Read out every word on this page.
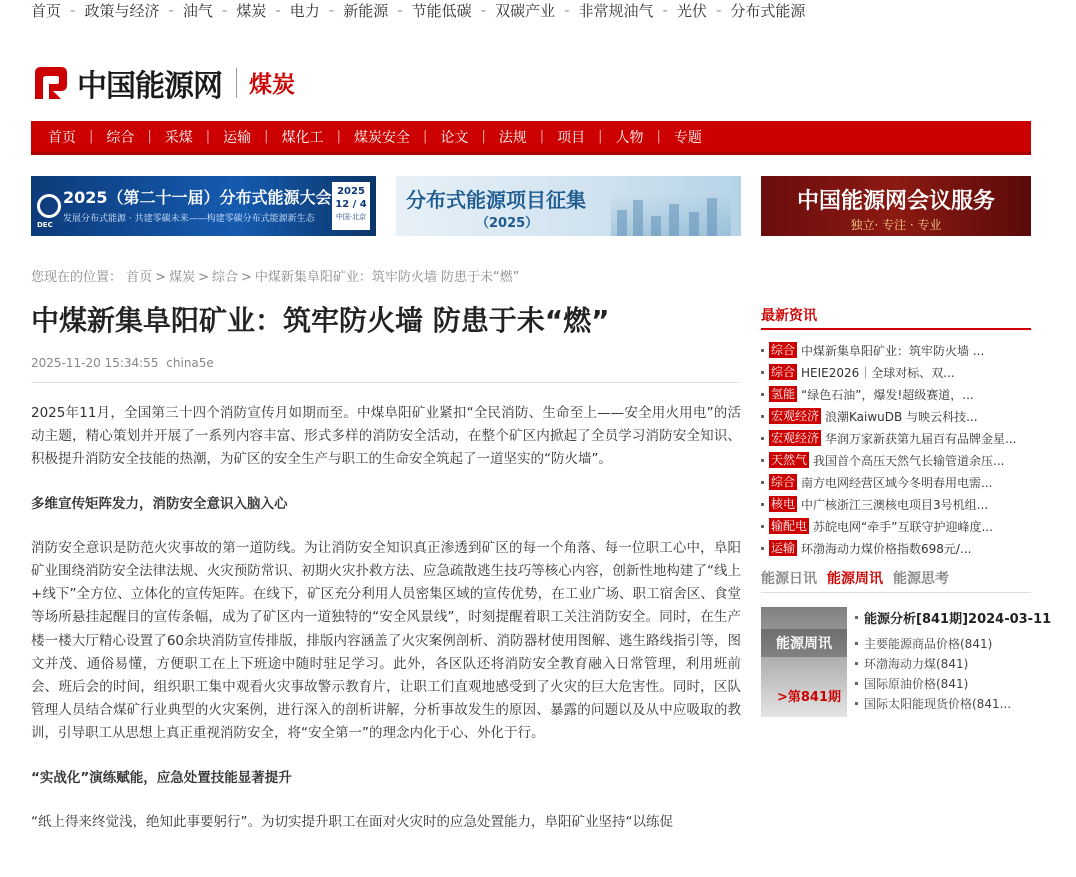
首页 - 政策与经济 - 油气 - 煤炭 - 电力 - 新能源 - 节能低碳 - 双碳产业 - 非常规油气 - 光伏 - 分布式能源
中国能源网 煤炭
首页 | 综合 | 采煤 | 运输 | 煤化工 | 煤炭安全 | 论文 | 法规 | 项目 | 人物 | 专题
DEC
2025（第二十一届）分布式能源大会
发展分布式能源 · 共建零碳未来——构建零碳分布式能源新生态
2025
12 / 4
中国·北京
分布式能源项目征集
（2025）
中国能源网会议服务
独立· 专注 · 专业
您现在的位置： 首页 > 煤炭 > 综合 > 中煤新集阜阳矿业：筑牢防火墙 防患于未“燃”
中煤新集阜阳矿业：筑牢防火墙 防患于未“燃”
2025-11-20 15:34:55 china5e

2025年11月，全国第三十四个消防宣传月如期而至。中煤阜阳矿业紧扣“全民消防、生命至上——安全用火用电”的活动主题，精心策划并开展了一系列内容丰富、形式多样的消防安全活动，在整个矿区内掀起了全员学习消防安全知识、积极提升消防安全技能的热潮，为矿区的安全生产与职工的生命安全筑起了一道坚实的“防火墙”。

多维宣传矩阵发力，消防安全意识入脑入心

消防安全意识是防范火灾事故的第一道防线。为让消防安全知识真正渗透到矿区的每一个角落、每一位职工心中，阜阳矿业围绕消防安全法律法规、火灾预防常识、初期火灾扑救方法、应急疏散逃生技巧等核心内容，创新性地构建了“线上+线下”全方位、立体化的宣传矩阵。在线下，矿区充分利用人员密集区域的宣传优势，在工业广场、职工宿舍区、食堂等场所悬挂起醒目的宣传条幅，成为了矿区内一道独特的“安全风景线”，时刻提醒着职工关注消防安全。同时，在生产楼一楼大厅精心设置了60余块消防宣传排版，排版内容涵盖了火灾案例剖析、消防器材使用图解、逃生路线指引等，图文并茂、通俗易懂，方便职工在上下班途中随时驻足学习。此外，各区队还将消防安全教育融入日常管理，利用班前会、班后会的时间，组织职工集中观看火灾事故警示教育片，让职工们直观地感受到了火灾的巨大危害性。同时，区队管理人员结合煤矿行业典型的火灾案例，进行深入的剖析讲解，分析事故发生的原因、暴露的问题以及从中应吸取的教训，引导职工从思想上真正重视消防安全，将“安全第一”的理念内化于心、外化于行。

“实战化”演练赋能，应急处置技能显著提升

“纸上得来终觉浅，绝知此事要躬行”。为切实提升职工在面对火灾时的应急处置能力，阜阳矿业坚持“以练促

最新资讯
综合 中煤新集阜阳矿业：筑牢防火墙 ...
综合 HEIE2026｜全球对标、双...
氢能 “绿色石油”，爆发!超级赛道，...
宏观经济 浪潮KaiwuDB 与映云科技...
宏观经济 华润万家新获第九届百有品牌金星...
天然气 我国首个高压天然气长输管道余压...
综合 南方电网经营区域今冬明春用电需...
核电 中广核浙江三澳核电项目3号机组...
输配电 苏皖电网“牵手”互联守护迎峰度...
运输 环渤海动力煤价格指数698元/...
能源日讯 能源周讯 能源思考
能源周讯
>第841期
能源分析[841期]2024-03-11
主要能源商品价格(841)
环渤海动力煤(841)
国际原油价格(841)
国际太阳能现货价格(841...
